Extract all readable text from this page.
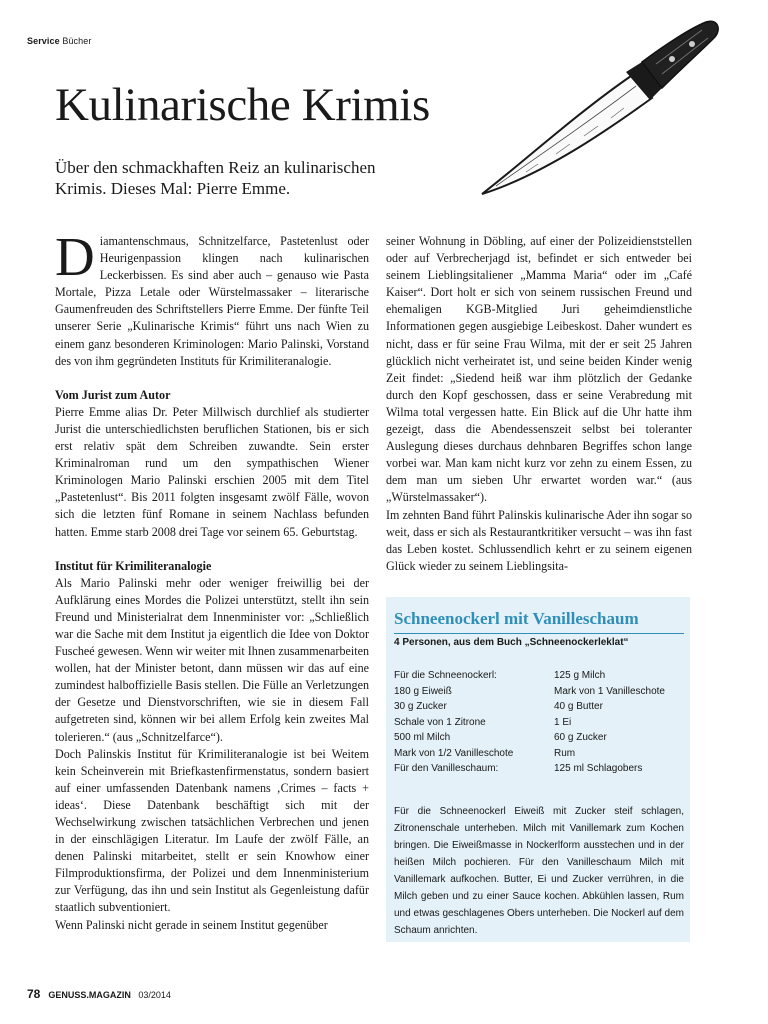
Service Bücher
Kulinarische Krimis
Über den schmackhaften Reiz an kulinarischen Krimis. Dieses Mal: Pierre Emme.

Diamantenschmaus, Schnitzelfarce, Pastetenlust oder Heurigenpassion klingen nach kulinarischen Leckerbissen. Es sind aber auch – genauso wie Pasta Mortale, Pizza Letale oder Würstelmassaker – literarische Gaumenfreuden des Schriftstellers Pierre Emme. Der fünfte Teil unserer Serie „Kulinarische Krimis“ führt uns nach Wien zu einem ganz besonderen Kriminologen: Mario Palinski, Vorstand des von ihm gegründeten Instituts für Krimiliteranalogie.

Vom Jurist zum Autor

Pierre Emme alias Dr. Peter Millwisch durchlief als studierter Jurist die unterschiedlichsten beruflichen Stationen, bis er sich erst relativ spät dem Schreiben zuwandte. Sein erster Kriminalroman rund um den sympathischen Wiener Kriminologen Mario Palinski erschien 2005 mit dem Titel „Pastetenlust“. Bis 2011 folgten insgesamt zwölf Fälle, wovon sich die letzten fünf Romane in seinem Nachlass befunden hatten. Emme starb 2008 drei Tage vor seinem 65. Geburtstag.

Institut für Krimiliteranalogie

Als Mario Palinski mehr oder weniger freiwillig bei der Aufklärung eines Mordes die Polizei unterstützt, stellt ihn sein Freund und Ministerialrat dem Innenminister vor: „Schließlich war die Sache mit dem Institut ja eigentlich die Idee von Doktor Fuscheé gewesen. Wenn wir weiter mit Ihnen zusammenarbeiten wollen, hat der Minister betont, dann müssen wir das auf eine zumindest halboffizielle Basis stellen. Die Fülle an Verletzungen der Gesetze und Dienstvorschriften, wie sie in diesem Fall aufgetreten sind, können wir bei allem Erfolg kein zweites Mal tolerieren.“ (aus „Schnitzelfarce“).

Doch Palinskis Institut für Krimiliteranalogie ist bei Weitem kein Scheinverein mit Briefkastenfirmenstatus, sondern basiert auf einer umfassenden Datenbank namens ‚Crimes – facts + ideas‘. Diese Datenbank beschäftigt sich mit der Wechselwirkung zwischen tatsächlichen Verbrechen und jenen in der einschlägigen Literatur. Im Laufe der zwölf Fälle, an denen Palinski mitarbeitet, stellt er sein Knowhow einer Filmproduktionsfirma, der Polizei und dem Innenministerium zur Verfügung, das ihn und sein Institut als Gegenleistung dafür staatlich subventioniert.

Wenn Palinski nicht gerade in seinem Institut gegenüber

seiner Wohnung in Döbling, auf einer der Polizeidienststellen oder auf Verbrecherjagd ist, befindet er sich entweder bei seinem Lieblingsitaliener „Mamma Maria“ oder im „Café Kaiser“. Dort holt er sich von seinem russischen Freund und ehemaligen KGB-Mitglied Juri geheimdienstliche Informationen gegen ausgiebige Leibeskost. Daher wundert es nicht, dass er für seine Frau Wilma, mit der er seit 25 Jahren glücklich nicht verheiratet ist, und seine beiden Kinder wenig Zeit findet: „Siedend heiß war ihm plötzlich der Gedanke durch den Kopf geschossen, dass er seine Verabredung mit Wilma total vergessen hatte. Ein Blick auf die Uhr hatte ihm gezeigt, dass die Abendessenszeit selbst bei toleranter Auslegung dieses durchaus dehnbaren Begriffes schon lange vorbei war. Man kam nicht kurz vor zehn zu einem Essen, zu dem man um sieben Uhr erwartet worden war.“ (aus „Würstelmassaker“).

Im zehnten Band führt Palinskis kulinarische Ader ihn sogar so weit, dass er sich als Restaurantkritiker versucht – was ihn fast das Leben kostet. Schlussendlich kehrt er zu seinem eigenen Glück wieder zu seinem Lieblingsita-

Schneenockerl mit Vanilleschaum
4 Personen, aus dem Buch „Schneenockerleklat“
Für die Schneenockerl:	125 g Milch
180 g Eiweiß	Mark von 1 Vanilleschote
30 g Zucker	40 g Butter
Schale von 1 Zitrone	1 Ei
500 ml Milch	60 g Zucker
Mark von 1/2 Vanilleschote	Rum
Für den Vanilleschaum:	125 ml Schlagobers
Für die Schneenockerl Eiweiß mit Zucker steif schlagen, Zitronenschale unterheben. Milch mit Vanillemark zum Kochen bringen. Die Eiweißmasse in Nockerlform ausstechen und in der heißen Milch pochieren. Für den Vanilleschaum Milch mit Vanillemark aufkochen. Butter, Ei und Zucker verrühren, in die Milch geben und zu einer Sauce kochen. Abkühlen lassen, Rum und etwas geschlagenes Obers unterheben. Die Nockerl auf dem Schaum anrichten.
78 GENUSS.MAGAZIN 03/2014
